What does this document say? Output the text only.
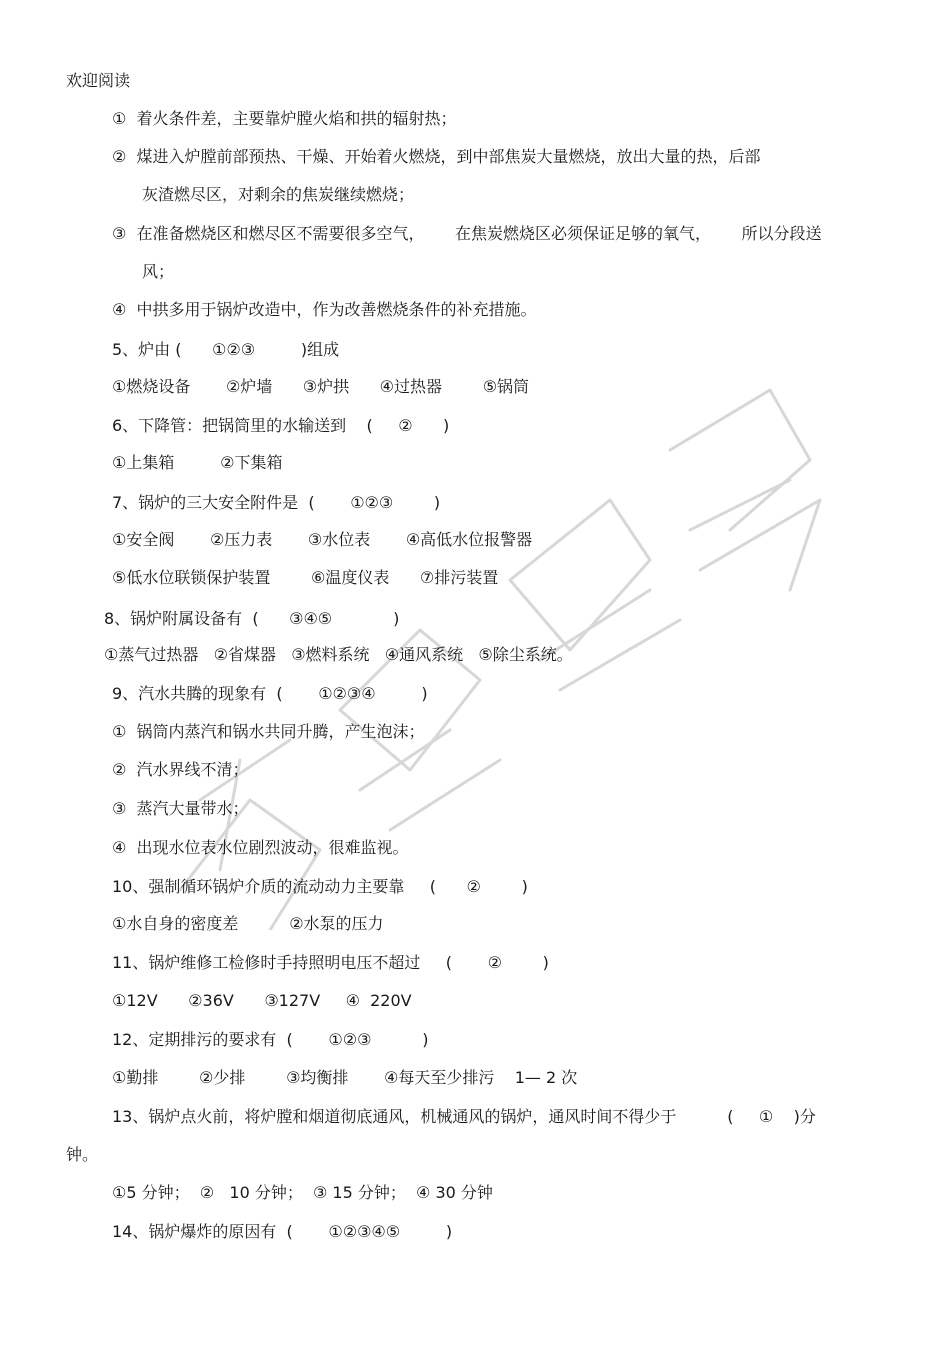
欢迎阅读
①  着火条件差，主要靠炉膛火焰和拱的辐射热；
②  煤进入炉膛前部预热、干燥、开始着火燃烧，到中部焦炭大量燃烧，放出大量的热，后部
灰渣燃尽区，对剩余的焦炭继续燃烧；
③  在准备燃烧区和燃尽区不需要很多空气，      在焦炭燃烧区必须保证足够的氧气，      所以分段送
风；
④  中拱多用于锅炉改造中，作为改善燃烧条件的补充措施。
5、炉由 (      ①②③         )组成
①燃烧设备       ②炉墙      ③炉拱      ④过热器        ⑤锅筒
6、下降管：把锅筒里的水输送到    (     ②      )
①上集箱         ②下集箱
7、锅炉的三大安全附件是  (       ①②③        )
①安全阀       ②压力表       ③水位表       ④高低水位报警器
⑤低水位联锁保护装置        ⑥温度仪表      ⑦排污装置
8、锅炉附属设备有  (      ③④⑤            )
①蒸气过热器   ②省煤器   ③燃料系统   ④通风系统   ⑤除尘系统。
9、汽水共腾的现象有  (       ①②③④         )
①  锅筒内蒸汽和锅水共同升腾，产生泡沫；
②  汽水界线不清；
③  蒸汽大量带水；
④  出现水位表水位剧烈波动，很难监视。
10、强制循环锅炉介质的流动动力主要靠     (      ②        )
①水自身的密度差          ②水泵的压力
11、锅炉维修工检修时手持照明电压不超过     (       ②        )
①12V      ②36V      ③127V     ④  220V
12、定期排污的要求有  (       ①②③          )
①勤排        ②少排        ③均衡排       ④每天至少排污    1— 2 次
13、锅炉点火前，将炉膛和烟道彻底通风，机械通风的锅炉，通风时间不得少于          (     ①    )分
钟。
①5 分钟；  ②   10 分钟；  ③ 15 分钟；  ④ 30 分钟
14、锅炉爆炸的原因有  (       ①②③④⑤         )
